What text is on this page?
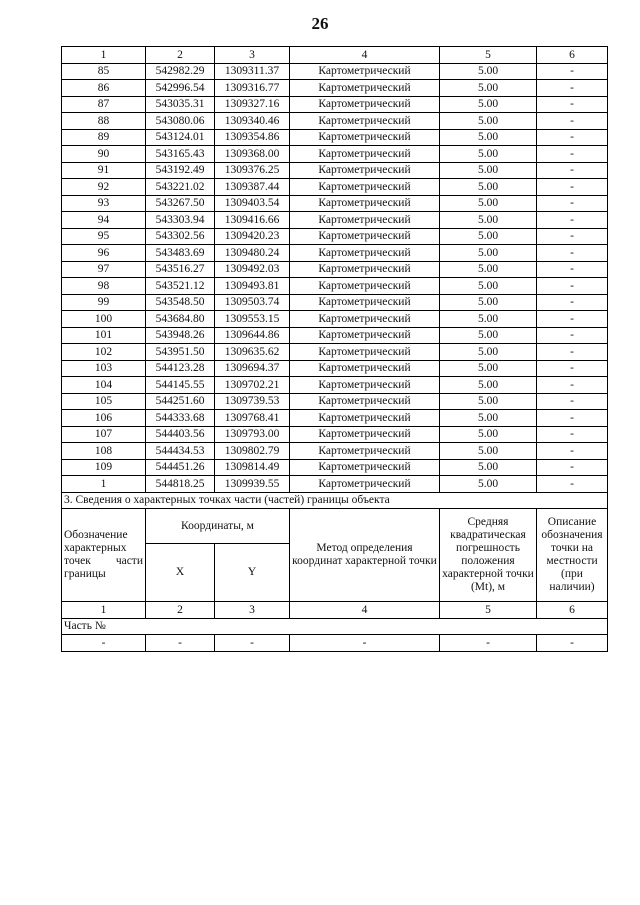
26
1	2	3	4	5	6
85	542982.29	1309311.37	Картометрический	5.00	-
86	542996.54	1309316.77	Картометрический	5.00	-
87	543035.31	1309327.16	Картометрический	5.00	-
88	543080.06	1309340.46	Картометрический	5.00	-
89	543124.01	1309354.86	Картометрический	5.00	-
90	543165.43	1309368.00	Картометрический	5.00	-
91	543192.49	1309376.25	Картометрический	5.00	-
92	543221.02	1309387.44	Картометрический	5.00	-
93	543267.50	1309403.54	Картометрический	5.00	-
94	543303.94	1309416.66	Картометрический	5.00	-
95	543302.56	1309420.23	Картометрический	5.00	-
96	543483.69	1309480.24	Картометрический	5.00	-
97	543516.27	1309492.03	Картометрический	5.00	-
98	543521.12	1309493.81	Картометрический	5.00	-
99	543548.50	1309503.74	Картометрический	5.00	-
100	543684.80	1309553.15	Картометрический	5.00	-
101	543948.26	1309644.86	Картометрический	5.00	-
102	543951.50	1309635.62	Картометрический	5.00	-
103	544123.28	1309694.37	Картометрический	5.00	-
104	544145.55	1309702.21	Картометрический	5.00	-
105	544251.60	1309739.53	Картометрический	5.00	-
106	544333.68	1309768.41	Картометрический	5.00	-
107	544403.56	1309793.00	Картометрический	5.00	-
108	544434.53	1309802.79	Картометрический	5.00	-
109	544451.26	1309814.49	Картометрический	5.00	-
1	544818.25	1309939.55	Картометрический	5.00	-
3. Сведения о характерных точках части (частей) границы объекта					
Обозначение характерных точек части границы	Координаты, м		Метод определения координат характерной точки	Средняя квадратическая погрешность положения характерной точки (Mt), м	Описание обозначения точки на местности (при наличии)
	X	Y			
1	2	3	4	5	6
Часть №					
-	-	-	-	-	-
